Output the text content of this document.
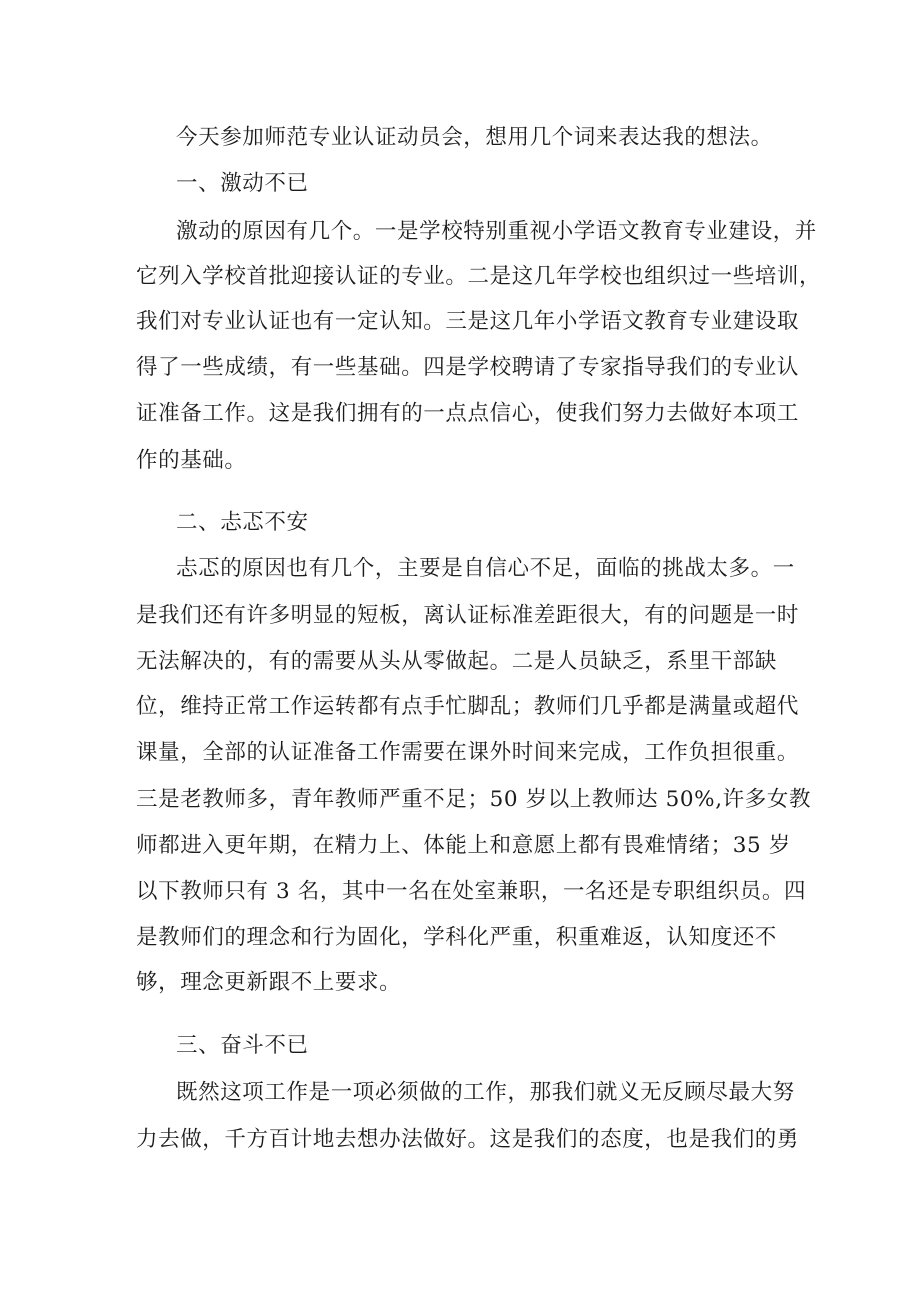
今天参加师范专业认证动员会，想用几个词来表达我的想法。
一、激动不已
激动的原因有几个。一是学校特别重视小学语文教育专业建设，并
它列入学校首批迎接认证的专业。二是这几年学校也组织过一些培训，
我们对专业认证也有一定认知。三是这几年小学语文教育专业建设取
得了一些成绩，有一些基础。四是学校聘请了专家指导我们的专业认
证准备工作。这是我们拥有的一点点信心，使我们努力去做好本项工
作的基础。
二、忐忑不安
忐忑的原因也有几个，主要是自信心不足，面临的挑战太多。一
是我们还有许多明显的短板，离认证标准差距很大，有的问题是一时
无法解决的，有的需要从头从零做起。二是人员缺乏，系里干部缺
位，维持正常工作运转都有点手忙脚乱；教师们几乎都是满量或超代
课量，全部的认证准备工作需要在课外时间来完成，工作负担很重。
三是老教师多，青年教师严重不足；50 岁以上教师达 50%,许多女教
师都进入更年期，在精力上、体能上和意愿上都有畏难情绪；35 岁
以下教师只有 3 名，其中一名在处室兼职，一名还是专职组织员。四
是教师们的理念和行为固化，学科化严重，积重难返，认知度还不
够，理念更新跟不上要求。
三、奋斗不已
既然这项工作是一项必须做的工作，那我们就义无反顾尽最大努
力去做，千方百计地去想办法做好。这是我们的态度，也是我们的勇
